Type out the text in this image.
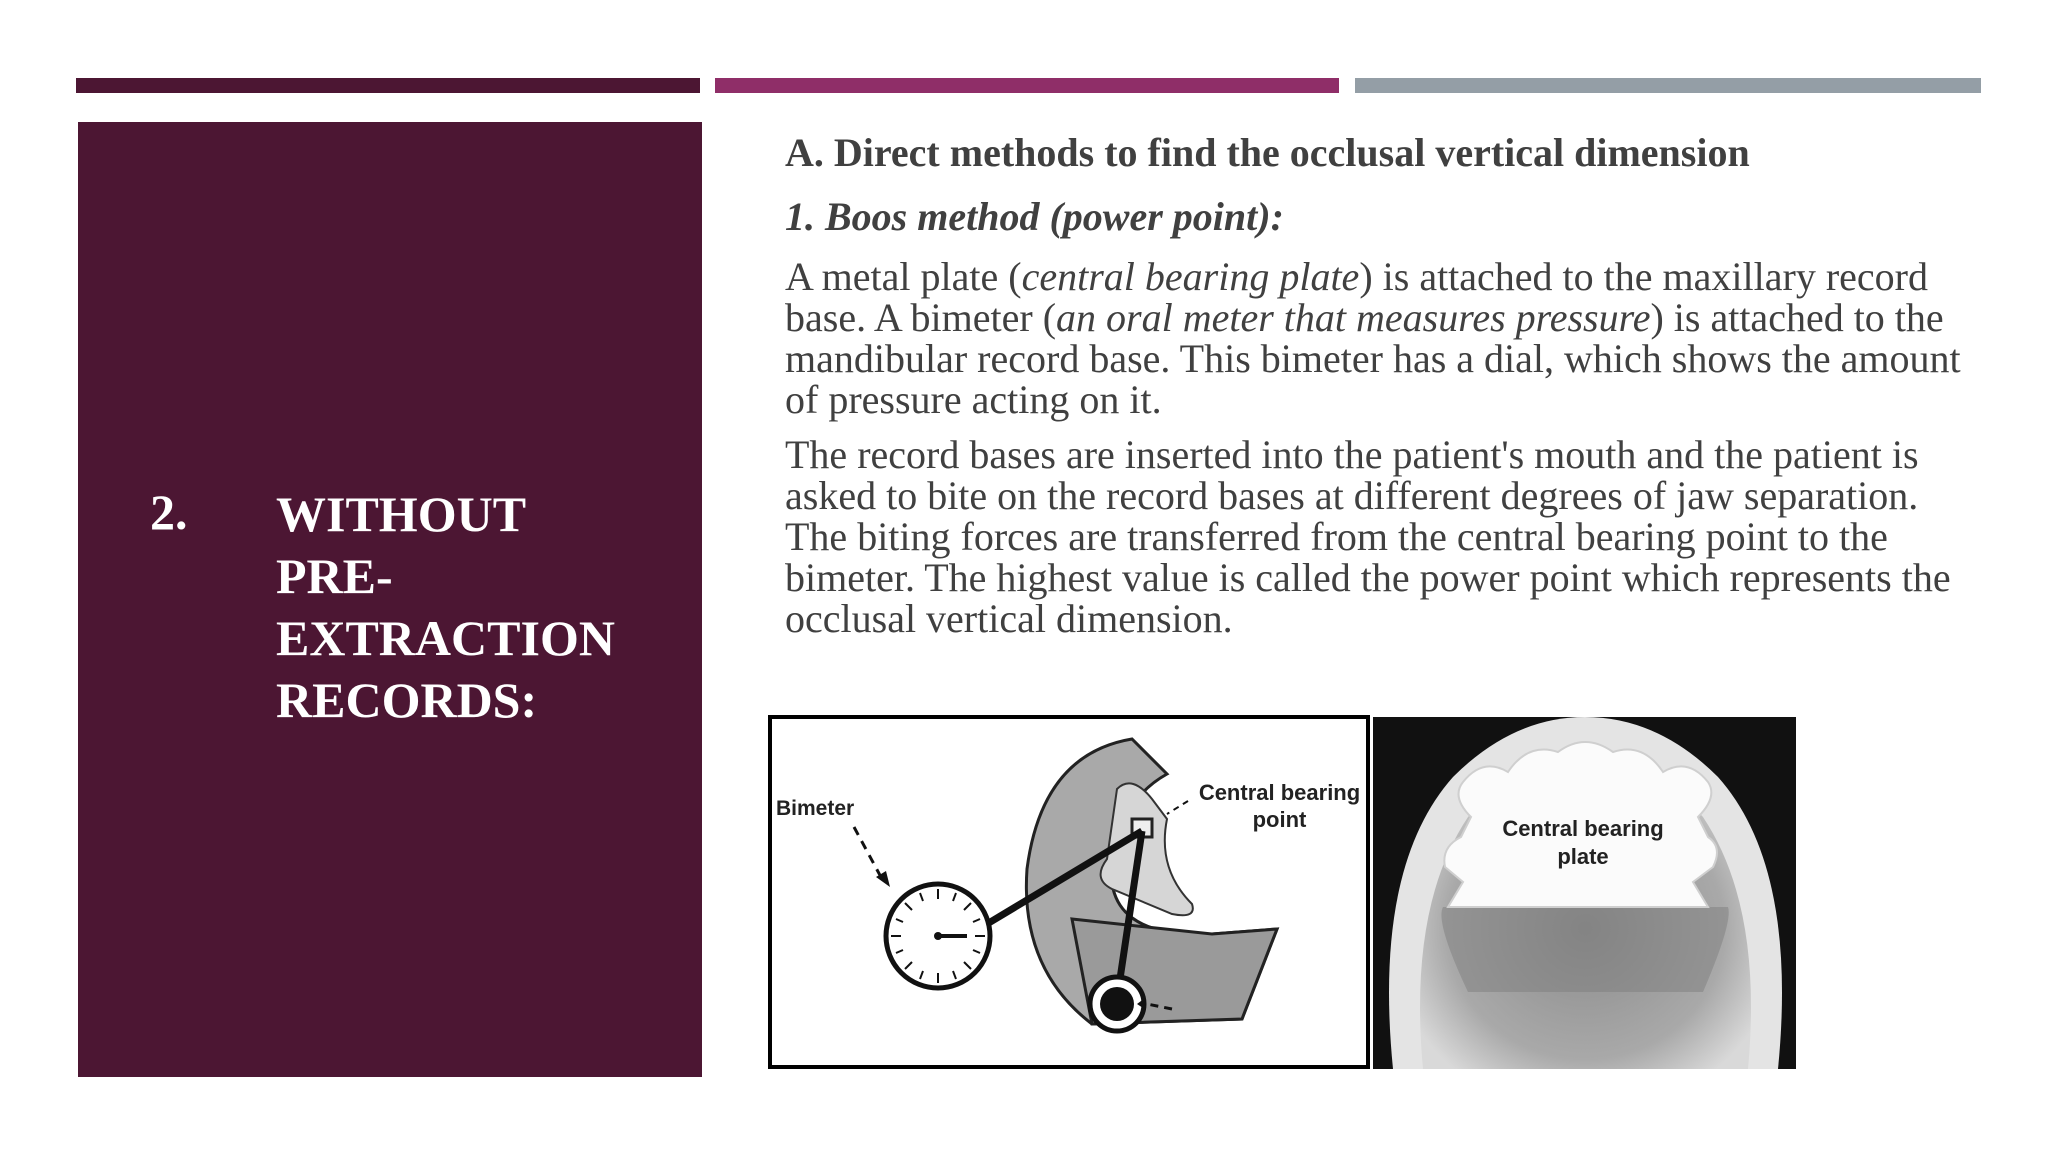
2. WITHOUT
PRE-
EXTRACTION
RECORDS:

A. Direct methods to find the occlusal vertical dimension

1. Boos method (power point):

A metal plate (central bearing plate) is attached to the maxillary record base. A bimeter (an oral meter that measures pressure) is attached to the mandibular record base. This bimeter has a dial, which shows the amount of pressure acting on it.

The record bases are inserted into the patient's mouth and the patient is asked to bite on the record bases at different degrees of jaw separation. The biting forces are transferred from the central bearing point to the bimeter. The highest value is called the power point which represents the occlusal vertical dimension.

Bimeter
Central bearing
point	Central bearing
plate
